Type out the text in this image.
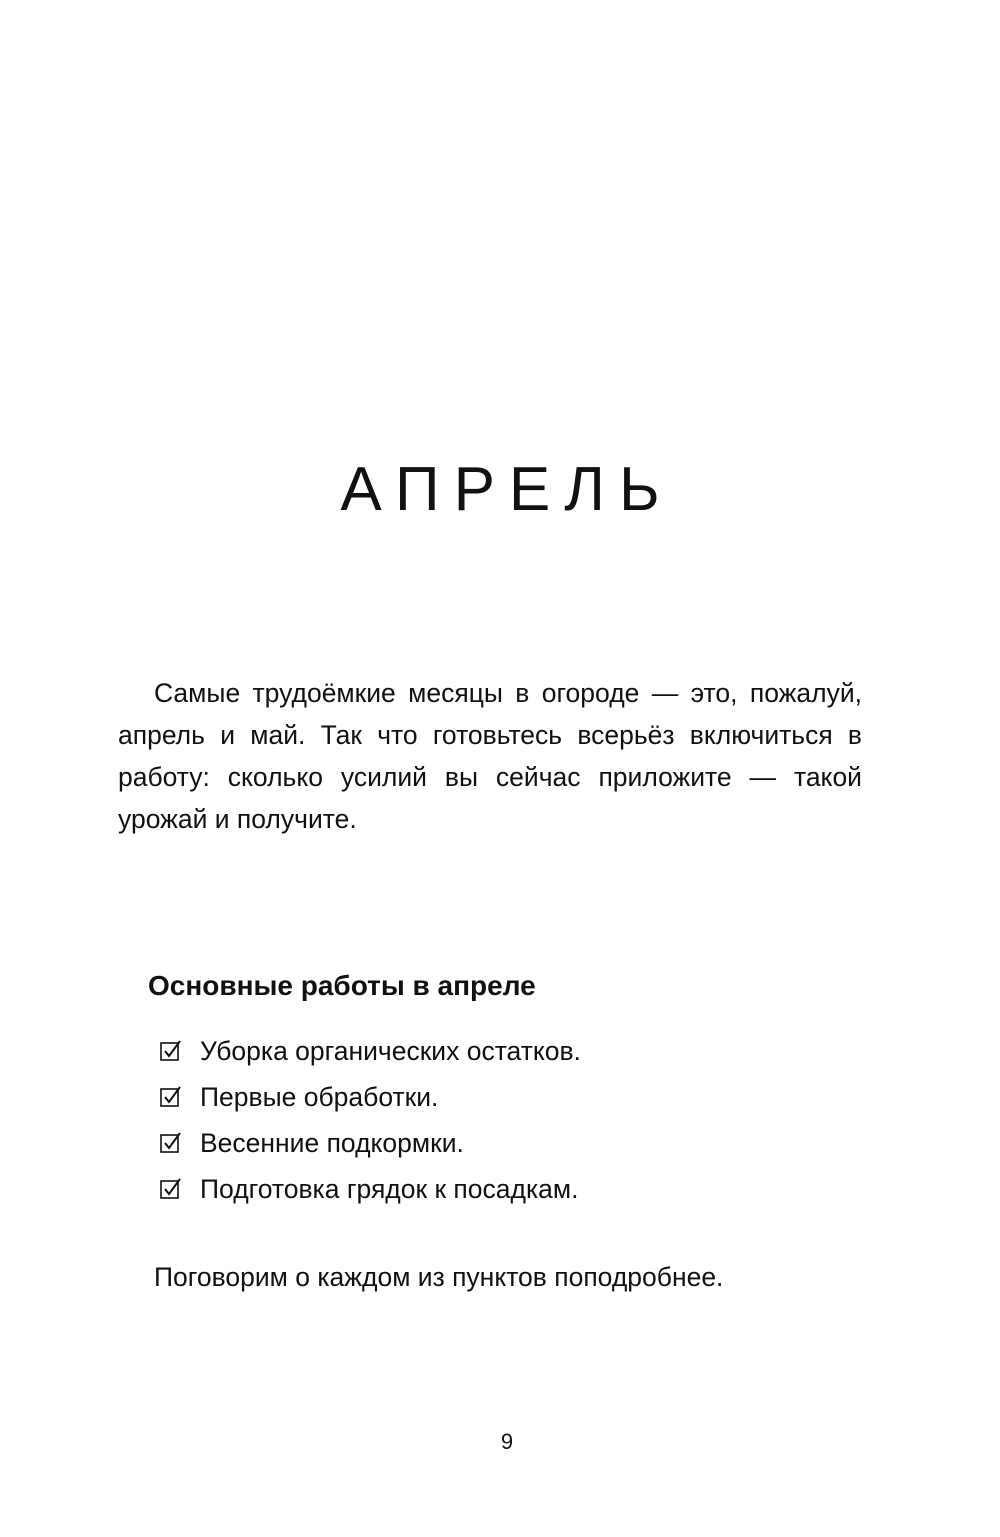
АПРЕЛЬ

Самые трудоёмкие месяцы в огороде — это, пожалуй, апрель и май. Так что готовьтесь всерьёз включиться в работу: сколько усилий вы сейчас приложите — такой урожай и получите.

Основные работы в апреле
Уборка органических остатков.
Первые обработки.
Весенние подкормки.
Подготовка грядок к посадкам.

Поговорим о каждом из пунктов поподробнее.

9
